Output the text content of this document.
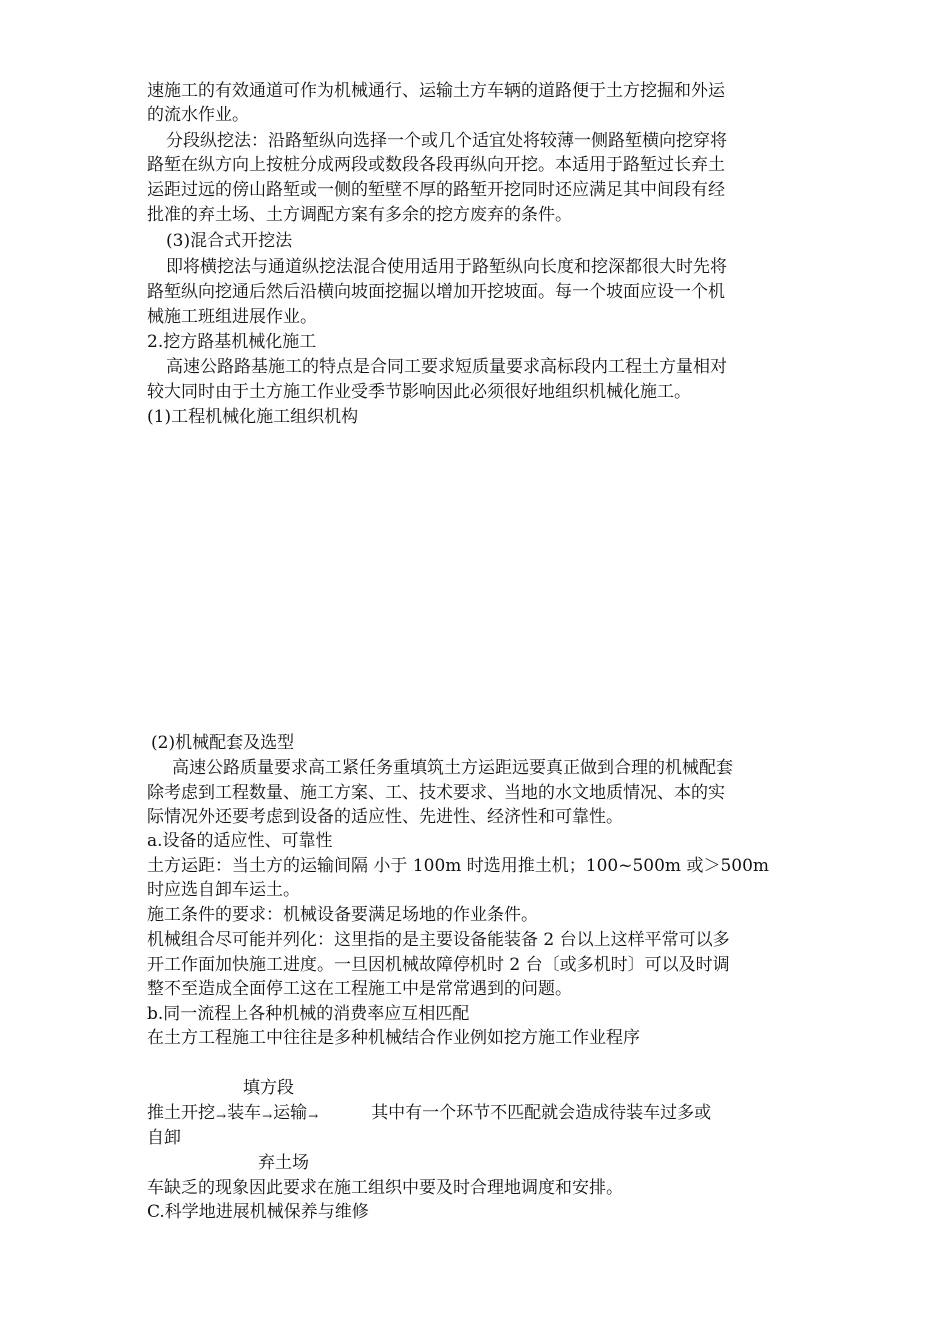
速施工的有效通道可作为机械通行、运输土方车辆的道路便于土方挖掘和外运
的流水作业。
分段纵挖法：沿路堑纵向选择一个或几个适宜处将较薄一侧路堑横向挖穿将
路堑在纵方向上按桩分成两段或数段各段再纵向开挖。本适用于路堑过长弃土
运距过远的傍山路堑或一侧的堑壁不厚的路堑开挖同时还应满足其中间段有经
批准的弃土场、土方调配方案有多余的挖方废弃的条件。
(3)混合式开挖法
即将横挖法与通道纵挖法混合使用适用于路堑纵向长度和挖深都很大时先将
路堑纵向挖通后然后沿横向坡面挖掘以增加开挖坡面。每一个坡面应设一个机
械施工班组进展作业。
2.挖方路基机械化施工
高速公路路基施工的特点是合同工要求短质量要求高标段内工程土方量相对
较大同时由于土方施工作业受季节影响因此必须很好地组织机械化施工。
(1)工程机械化施工组织机构
(2)机械配套及选型
高速公路质量要求高工紧任务重填筑土方运距远要真正做到合理的机械配套
除考虑到工程数量、施工方案、工、技术要求、当地的水文地质情况、本的实
际情况外还要考虑到设备的适应性、先进性、经济性和可靠性。
a.设备的适应性、可靠性
土方运距：当土方的运输间隔 小于 100m 时选用推土机；100~500m 或＞500m
时应选自卸车运土。
施工条件的要求：机械设备要满足场地的作业条件。
机械组合尽可能并列化：这里指的是主要设备能装备 2 台以上这样平常可以多
开工作面加快施工进度。一旦因机械故障停机时 2 台〔或多机时〕可以及时调
整不至造成全面停工这在工程施工中是常常遇到的问题。
b.同一流程上各种机械的消费率应互相匹配
在土方工程施工中往往是多种机械结合作业例如挖方施工作业程序
填方段
推土开挖→装车→运输→	其中有一个环节不匹配就会造成待装车过多或
自卸
弃土场
车缺乏的现象因此要求在施工组织中要及时合理地调度和安排。
C.科学地进展机械保养与维修
